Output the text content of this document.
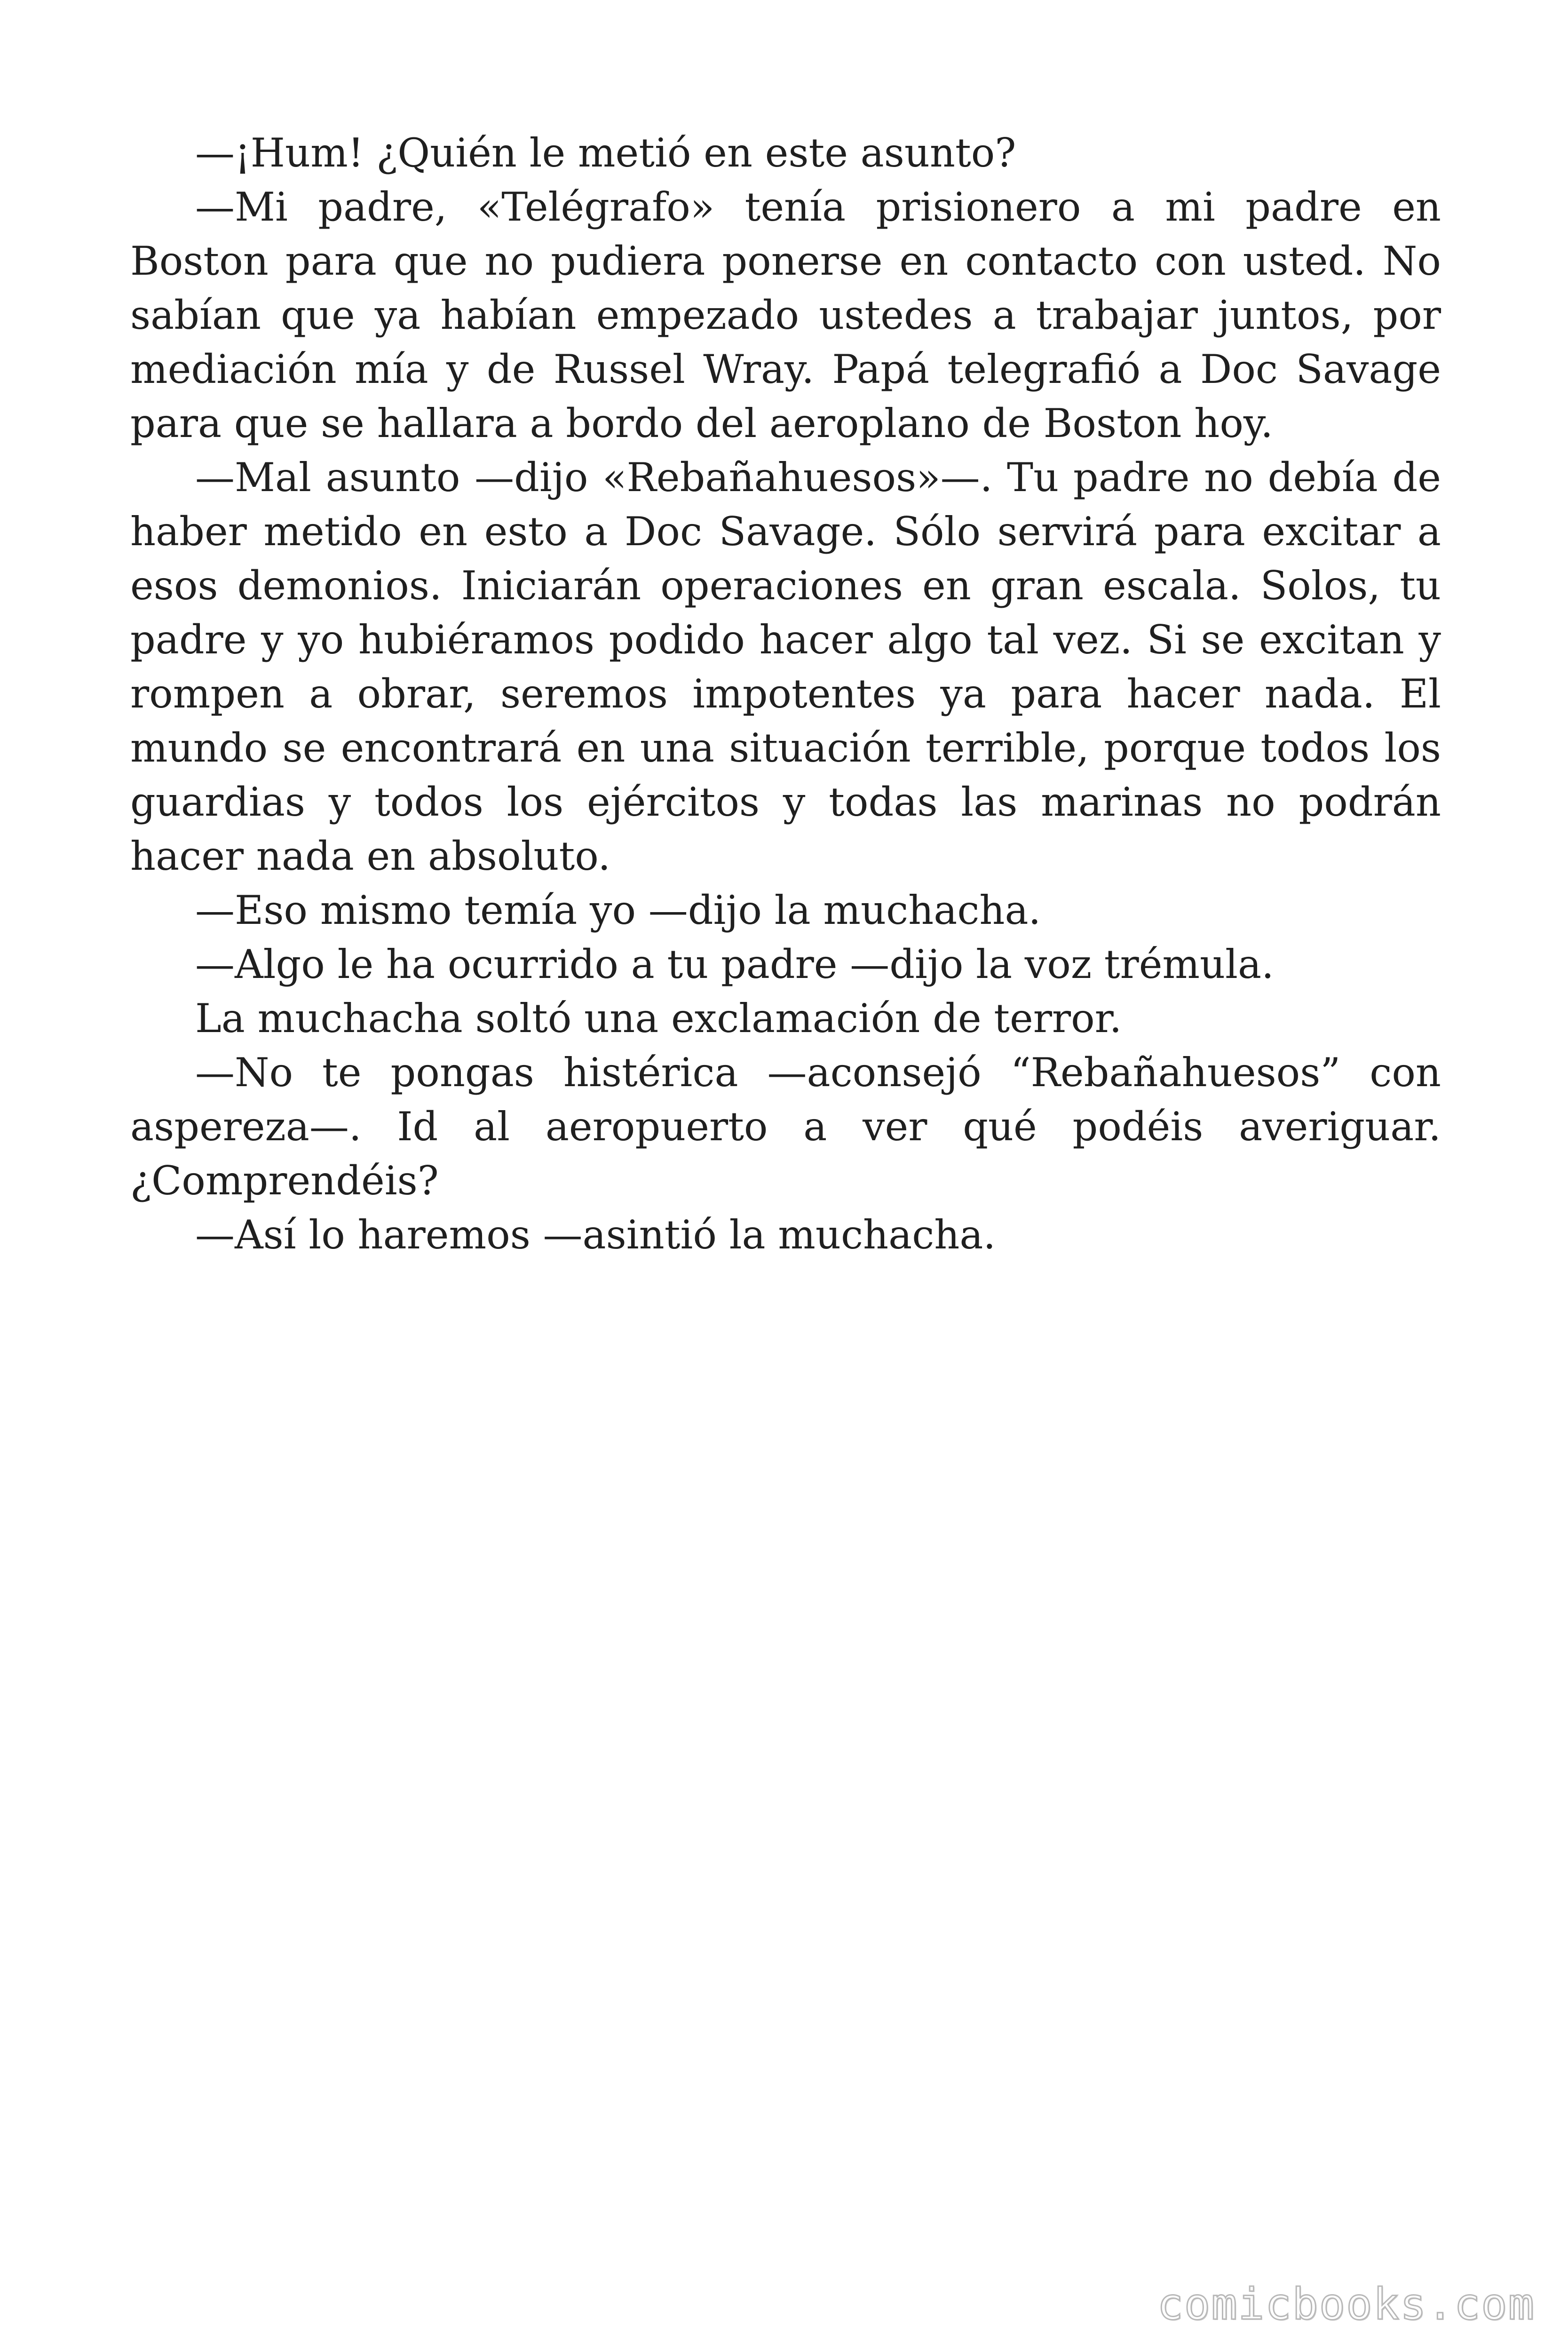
—¡Hum! ¿Quién le metió en este asunto?

—Mi padre, «Telégrafo» tenía prisionero a mi padre en Boston para que no pudiera ponerse en contacto con usted. No sabían que ya habían empezado ustedes a trabajar juntos, por mediación mía y de Russel Wray. Papá telegrafió a Doc Savage para que se hallara a bordo del aeroplano de Boston hoy.

—Mal asunto —dijo «Rebañahuesos»—. Tu padre no debía de haber metido en esto a Doc Savage. Sólo servirá para excitar a esos demonios. Iniciarán operaciones en gran escala. Solos, tu padre y yo hubiéramos podido hacer algo tal vez. Si se excitan y rompen a obrar, seremos impotentes ya para hacer nada. El mundo se encontrará en una situación terrible, porque todos los guardias y todos los ejércitos y todas las marinas no podrán hacer nada en absoluto.

—Eso mismo temía yo —dijo la muchacha.

—Algo le ha ocurrido a tu padre —dijo la voz trémula.

La muchacha soltó una exclamación de terror.

—No te pongas histérica —aconsejó “Rebañahuesos” con aspereza—. Id al aeropuerto a ver qué podéis averiguar. ¿Comprendéis?

—Así lo haremos —asintió la muchacha.

comicbooks.com
